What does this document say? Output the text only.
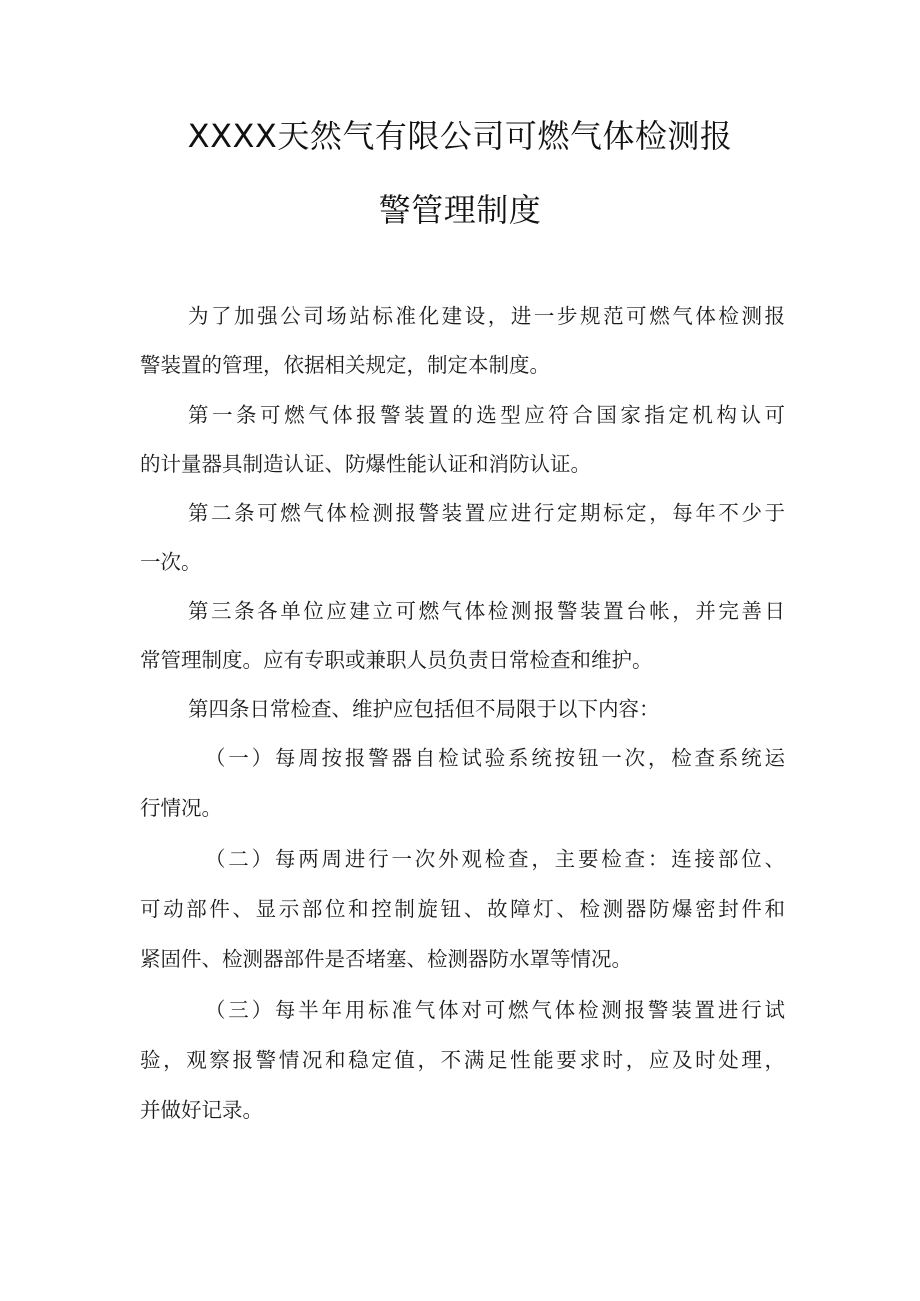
XXXX天然气有限公司可燃气体检测报
警管理制度
为了加强公司场站标准化建设，进一步规范可燃气体检测报
警装置的管理，依据相关规定，制定本制度。
第一条可燃气体报警装置的选型应符合国家指定机构认可
的计量器具制造认证、防爆性能认证和消防认证。
第二条可燃气体检测报警装置应进行定期标定，每年不少于
一次。
第三条各单位应建立可燃气体检测报警装置台帐，并完善日
常管理制度。应有专职或兼职人员负责日常检查和维护。
第四条日常检查、维护应包括但不局限于以下内容：
（一）每周按报警器自检试验系统按钮一次，检查系统运
行情况。
（二）每两周进行一次外观检查，主要检查：连接部位、
可动部件、显示部位和控制旋钮、故障灯、检测器防爆密封件和
紧固件、检测器部件是否堵塞、检测器防水罩等情况。
（三）每半年用标准气体对可燃气体检测报警装置进行试
验，观察报警情况和稳定值，不满足性能要求时，应及时处理，
并做好记录。
